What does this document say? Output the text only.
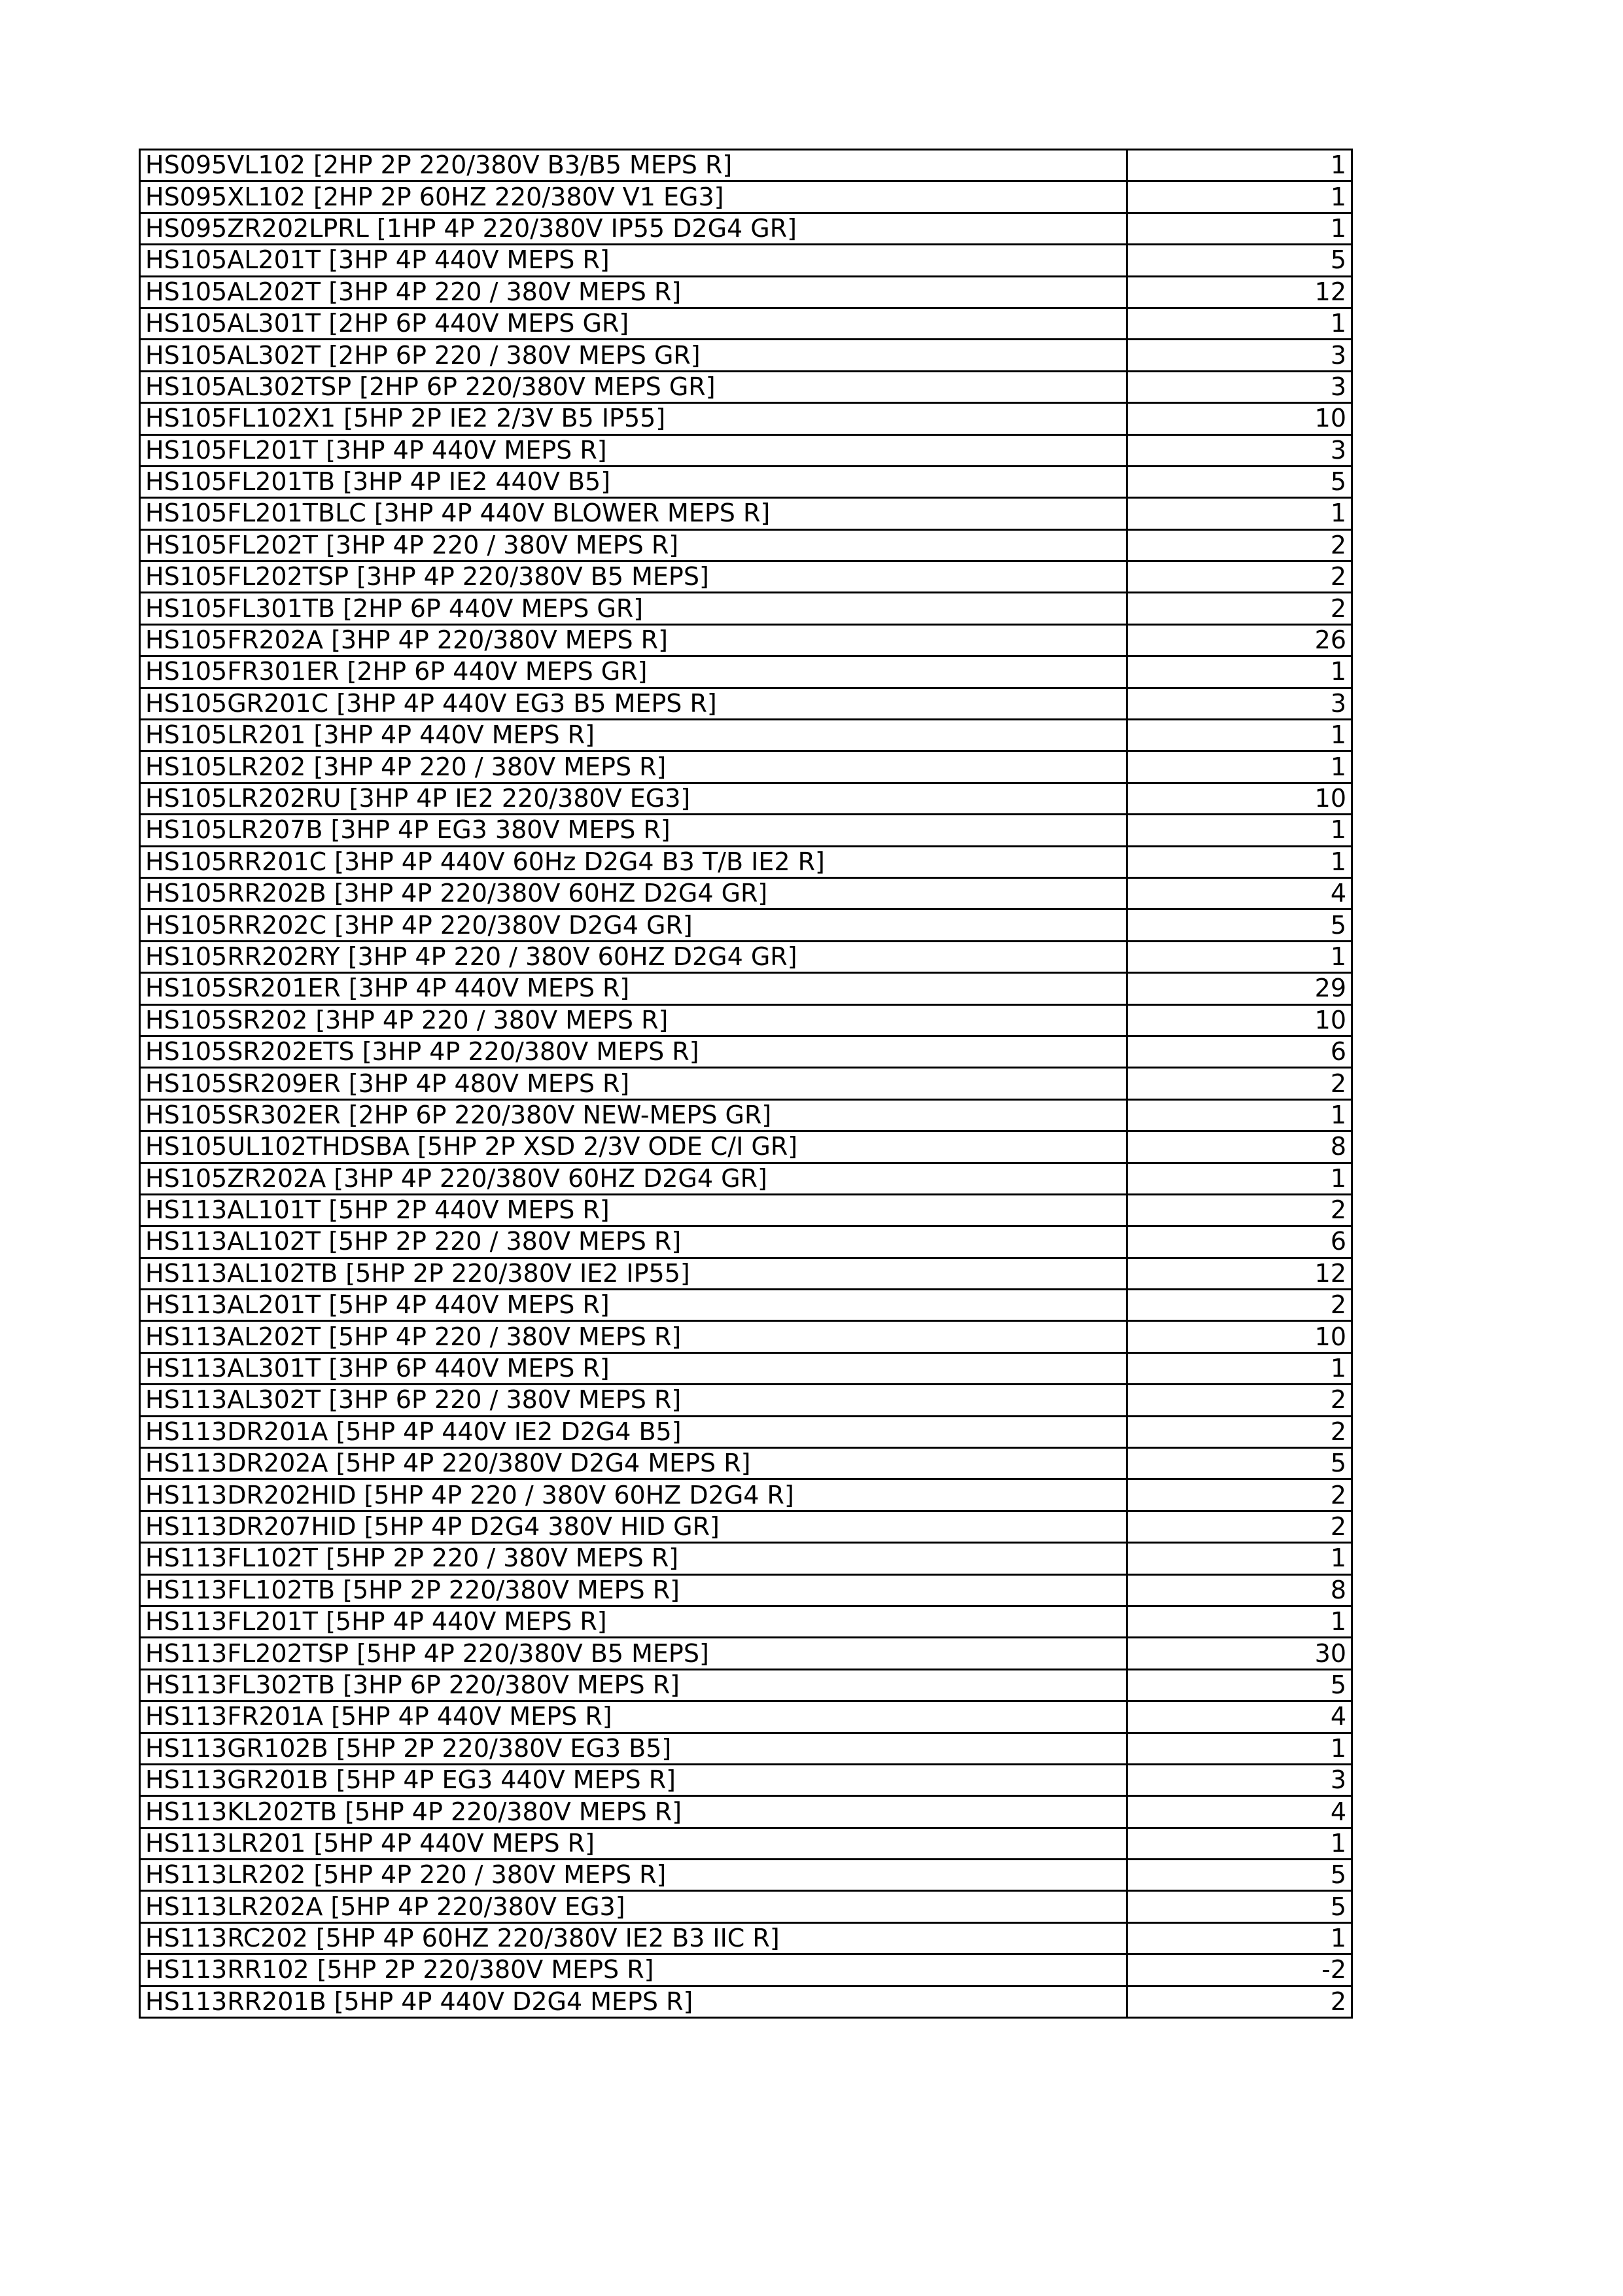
HS095VL102 [2HP 2P 220/380V B3/B5 MEPS R]	1
HS095XL102 [2HP 2P 60HZ 220/380V V1 EG3]	1
HS095ZR202LPRL [1HP 4P 220/380V IP55 D2G4 GR]	1
HS105AL201T [3HP 4P 440V MEPS R]	5
HS105AL202T [3HP 4P 220 / 380V MEPS R]	12
HS105AL301T [2HP 6P 440V MEPS GR]	1
HS105AL302T [2HP 6P 220 / 380V MEPS GR]	3
HS105AL302TSP [2HP 6P 220/380V MEPS GR]	3
HS105FL102X1 [5HP 2P IE2 2/3V B5 IP55]	10
HS105FL201T [3HP 4P 440V MEPS R]	3
HS105FL201TB [3HP 4P IE2 440V B5]	5
HS105FL201TBLC [3HP 4P 440V BLOWER MEPS R]	1
HS105FL202T [3HP 4P 220 / 380V MEPS R]	2
HS105FL202TSP [3HP 4P 220/380V B5 MEPS]	2
HS105FL301TB [2HP 6P 440V MEPS GR]	2
HS105FR202A [3HP 4P 220/380V MEPS R]	26
HS105FR301ER [2HP 6P 440V MEPS GR]	1
HS105GR201C [3HP 4P 440V EG3 B5 MEPS R]	3
HS105LR201 [3HP 4P 440V MEPS R]	1
HS105LR202 [3HP 4P 220 / 380V MEPS R]	1
HS105LR202RU [3HP 4P IE2 220/380V EG3]	10
HS105LR207B [3HP 4P EG3 380V MEPS R]	1
HS105RR201C [3HP 4P 440V 60Hz D2G4 B3 T/B IE2 R]	1
HS105RR202B [3HP 4P 220/380V 60HZ D2G4 GR]	4
HS105RR202C [3HP 4P 220/380V D2G4 GR]	5
HS105RR202RY [3HP 4P 220 / 380V 60HZ D2G4 GR]	1
HS105SR201ER [3HP 4P 440V MEPS R]	29
HS105SR202 [3HP 4P 220 / 380V MEPS R]	10
HS105SR202ETS [3HP 4P 220/380V MEPS R]	6
HS105SR209ER [3HP 4P 480V MEPS R]	2
HS105SR302ER [2HP 6P 220/380V NEW-MEPS GR]	1
HS105UL102THDSBA [5HP 2P XSD 2/3V ODE C/I GR]	8
HS105ZR202A [3HP 4P 220/380V 60HZ D2G4 GR]	1
HS113AL101T [5HP 2P 440V MEPS R]	2
HS113AL102T [5HP 2P 220 / 380V MEPS R]	6
HS113AL102TB [5HP 2P 220/380V IE2 IP55]	12
HS113AL201T [5HP 4P 440V MEPS R]	2
HS113AL202T [5HP 4P 220 / 380V MEPS R]	10
HS113AL301T [3HP 6P 440V MEPS R]	1
HS113AL302T [3HP 6P 220 / 380V MEPS R]	2
HS113DR201A [5HP 4P 440V IE2 D2G4 B5]	2
HS113DR202A [5HP 4P 220/380V D2G4 MEPS R]	5
HS113DR202HID [5HP 4P 220 / 380V 60HZ D2G4 R]	2
HS113DR207HID [5HP 4P D2G4 380V HID GR]	2
HS113FL102T [5HP 2P 220 / 380V MEPS R]	1
HS113FL102TB [5HP 2P 220/380V MEPS R]	8
HS113FL201T [5HP 4P 440V MEPS R]	1
HS113FL202TSP [5HP 4P 220/380V B5 MEPS]	30
HS113FL302TB [3HP 6P 220/380V MEPS R]	5
HS113FR201A [5HP 4P 440V MEPS R]	4
HS113GR102B [5HP 2P 220/380V EG3 B5]	1
HS113GR201B [5HP 4P EG3 440V MEPS R]	3
HS113KL202TB [5HP 4P 220/380V MEPS R]	4
HS113LR201 [5HP 4P 440V MEPS R]	1
HS113LR202 [5HP 4P 220 / 380V MEPS R]	5
HS113LR202A [5HP 4P 220/380V EG3]	5
HS113RC202 [5HP 4P 60HZ 220/380V IE2 B3 IIC R]	1
HS113RR102 [5HP 2P 220/380V MEPS R]	-2
HS113RR201B [5HP 4P 440V D2G4 MEPS R]	2
